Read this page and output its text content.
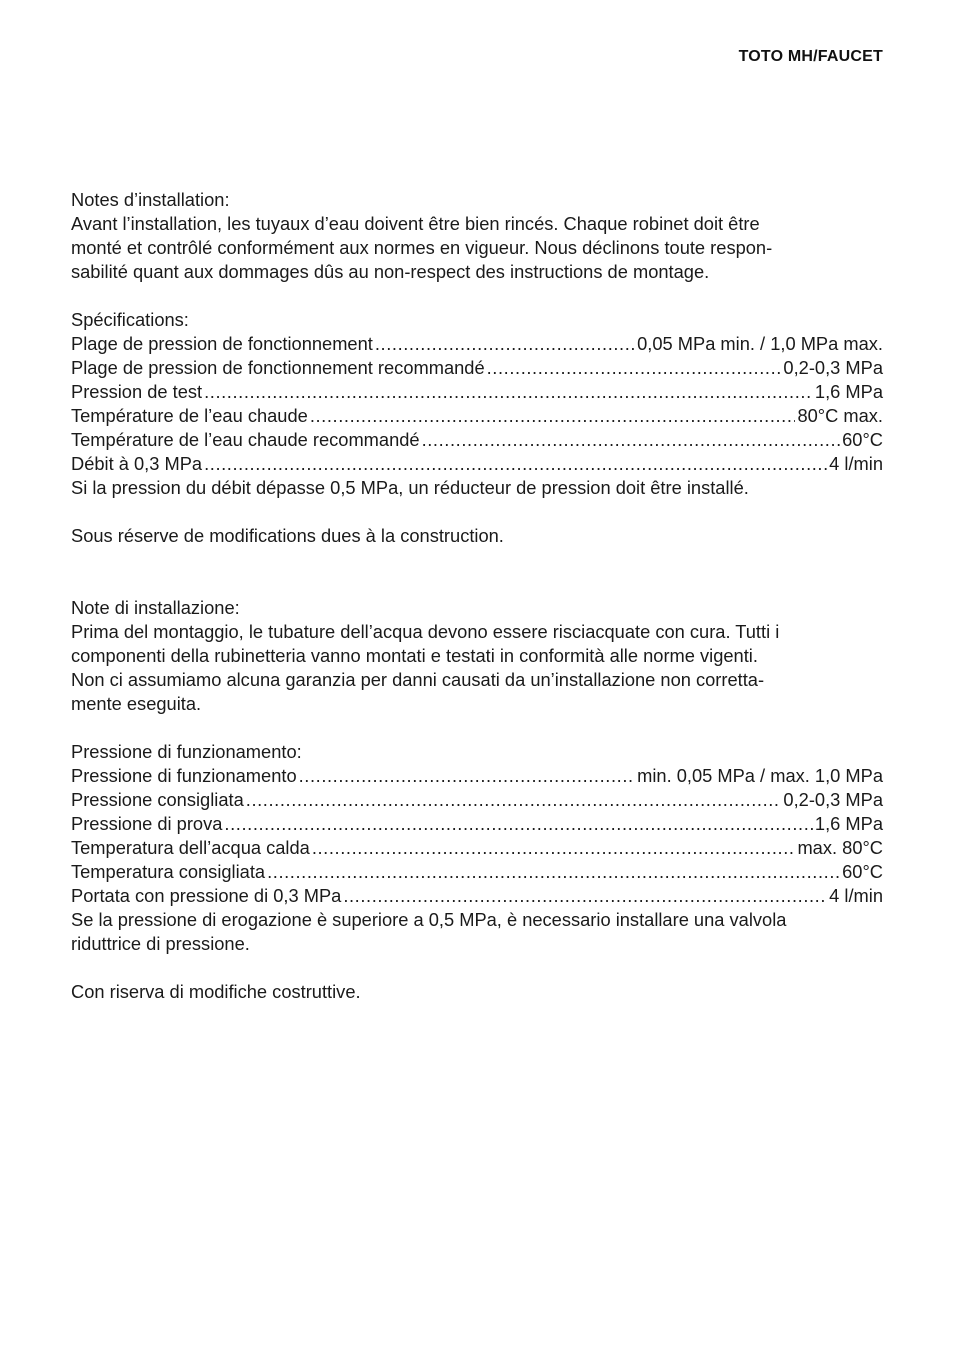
TOTO MH/FAUCET
Notes d’installation:
Avant l’installation, les tuyaux d’eau doivent être bien rincés. Chaque robinet doit être
monté et contrôlé conformément aux normes en vigueur. Nous déclinons toute respon-
sabilité quant aux dommages dûs au non-respect des instructions de montage.
Spécifications:
Plage de pression de fonctionnement .....	0,05 MPa min. / 1,0 MPa max.
Plage de pression de fonctionnement recommandé .....	0,2-0,3 MPa
Pression de test .....	1,6 MPa
Température de l’eau chaude .....	80°C max.
Température de l’eau chaude recommandé .....	60°C
Débit à 0,3 MPa .....	4 l/min
Si la pression du débit dépasse 0,5 MPa, un réducteur de pression doit être installé.
Sous réserve de modifications dues à la construction.
Note di installazione:
Prima del montaggio, le tubature dell’acqua devono essere risciacquate con cura. Tutti i
componenti della rubinetteria vanno montati e testati in conformità alle norme vigenti.
Non ci assumiamo alcuna garanzia per danni causati da un’installazione non corretta-
mente eseguita.
Pressione di funzionamento:
Pressione di funzionamento .....	min. 0,05 MPa / max. 1,0 MPa
Pressione consigliata .....	0,2-0,3 MPa
Pressione di prova .....	1,6 MPa
Temperatura dell’acqua calda .....	max. 80°C
Temperatura consigliata .....	60°C
Portata con pressione di 0,3 MPa .....	4 l/min
Se la pressione di erogazione è superiore a 0,5 MPa, è necessario installare una valvola
riduttrice di pressione.
Con riserva di modifiche costruttive.
